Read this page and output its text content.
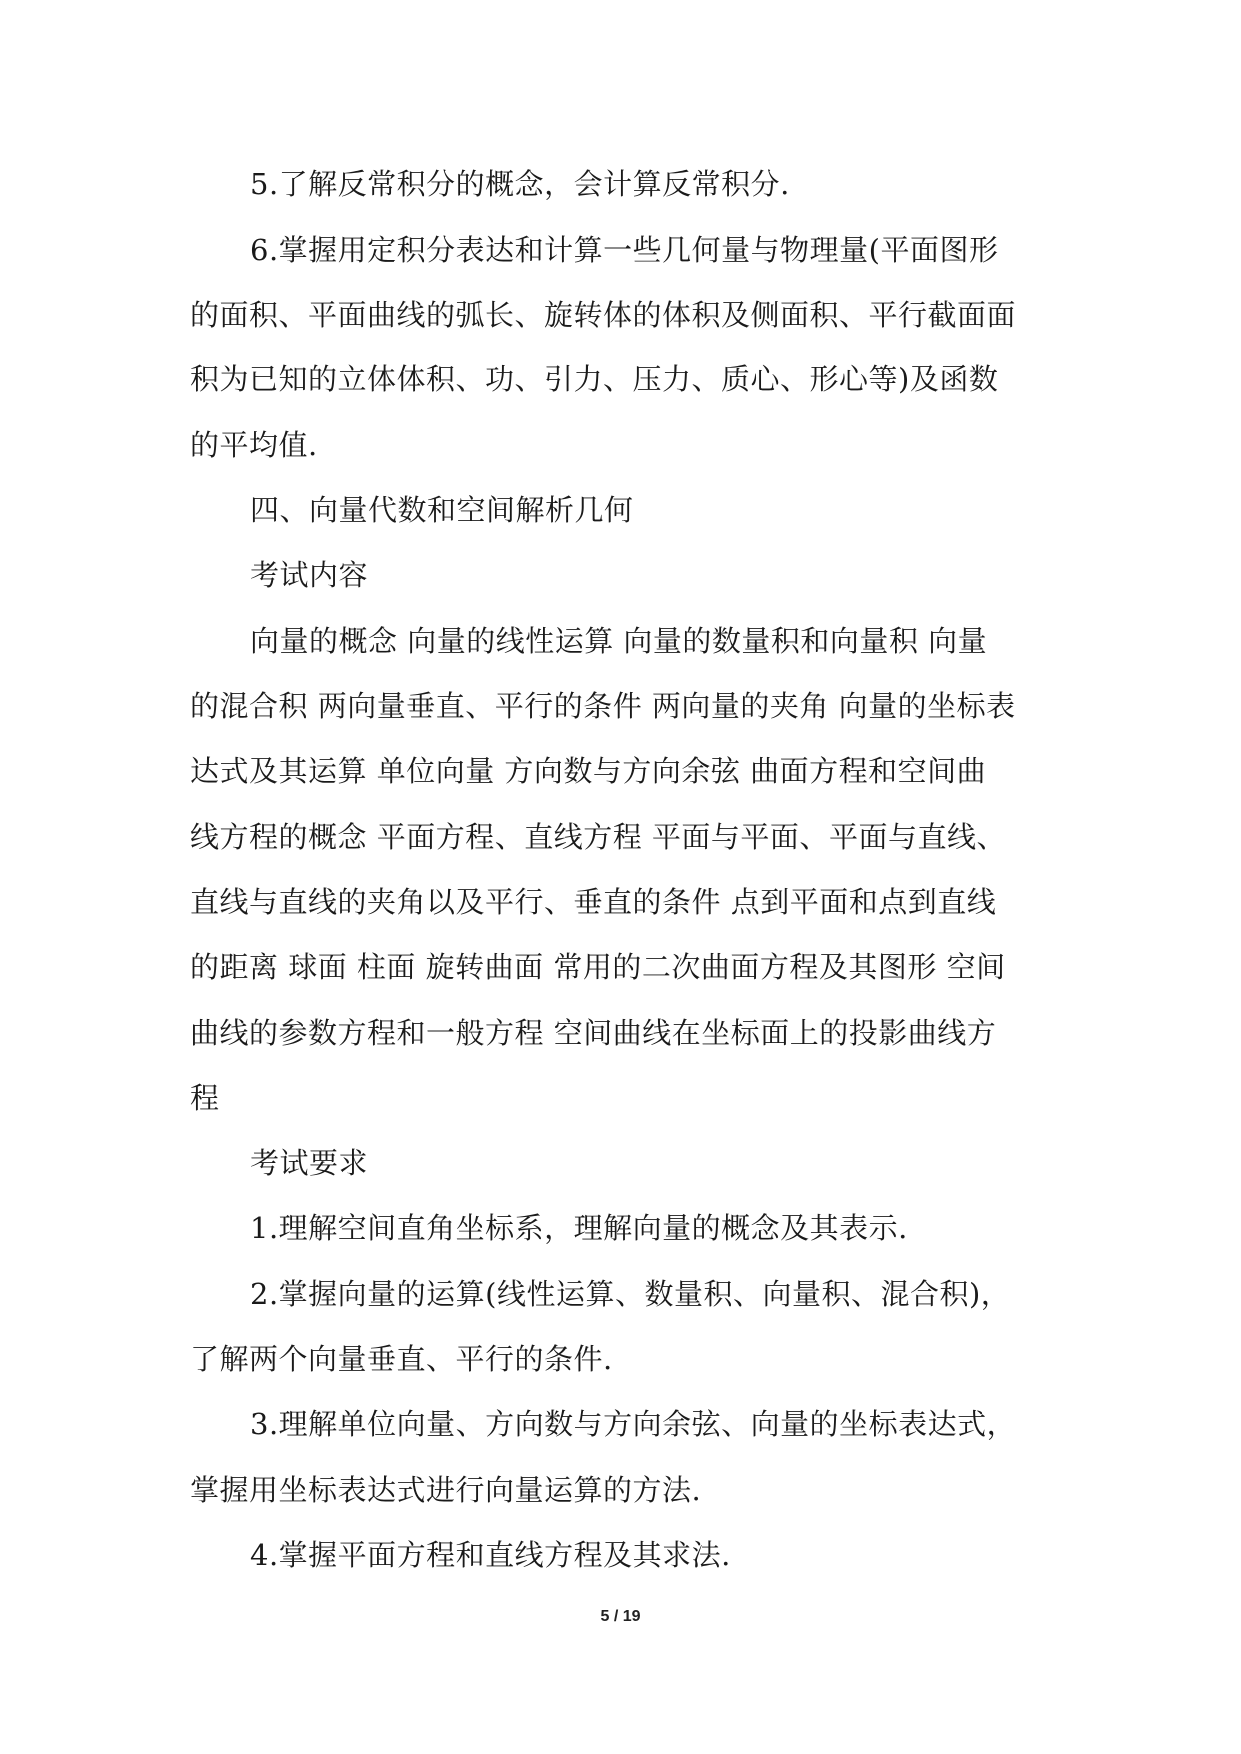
5.了解反常积分的概念，会计算反常积分.
6.掌握用定积分表达和计算一些几何量与物理量(平面图形
的面积、平面曲线的弧长、旋转体的体积及侧面积、平行截面面
积为已知的立体体积、功、引力、压力、质心、形心等)及函数
的平均值.
四、向量代数和空间解析几何
考试内容
向量的概念 向量的线性运算 向量的数量积和向量积 向量
的混合积 两向量垂直、平行的条件 两向量的夹角 向量的坐标表
达式及其运算 单位向量 方向数与方向余弦 曲面方程和空间曲
线方程的概念 平面方程、直线方程 平面与平面、平面与直线、
直线与直线的夹角以及平行、垂直的条件 点到平面和点到直线
的距离 球面 柱面 旋转曲面 常用的二次曲面方程及其图形 空间
曲线的参数方程和一般方程 空间曲线在坐标面上的投影曲线方
程
考试要求
1.理解空间直角坐标系，理解向量的概念及其表示.
2.掌握向量的运算(线性运算、数量积、向量积、混合积)，
了解两个向量垂直、平行的条件.
3.理解单位向量、方向数与方向余弦、向量的坐标表达式，
掌握用坐标表达式进行向量运算的方法.
4.掌握平面方程和直线方程及其求法.
5 / 19
